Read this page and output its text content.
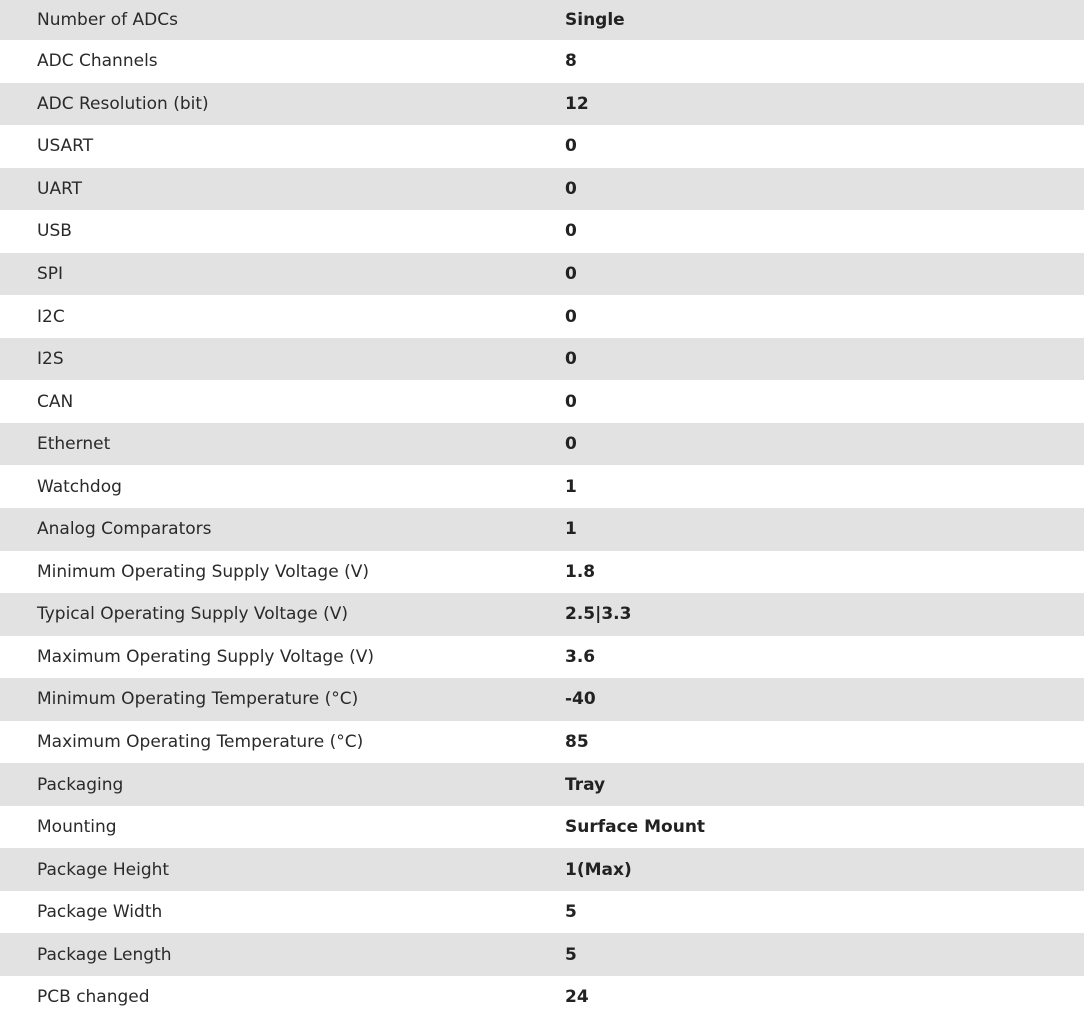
Number of ADCs	Single
ADC Channels	8
ADC Resolution (bit)	12
USART	0
UART	0
USB	0
SPI	0
I2C	0
I2S	0
CAN	0
Ethernet	0
Watchdog	1
Analog Comparators	1
Minimum Operating Supply Voltage (V)	1.8
Typical Operating Supply Voltage (V)	2.5|3.3
Maximum Operating Supply Voltage (V)	3.6
Minimum Operating Temperature (°C)	-40
Maximum Operating Temperature (°C)	85
Packaging	Tray
Mounting	Surface Mount
Package Height	1(Max)
Package Width	5
Package Length	5
PCB changed	24
